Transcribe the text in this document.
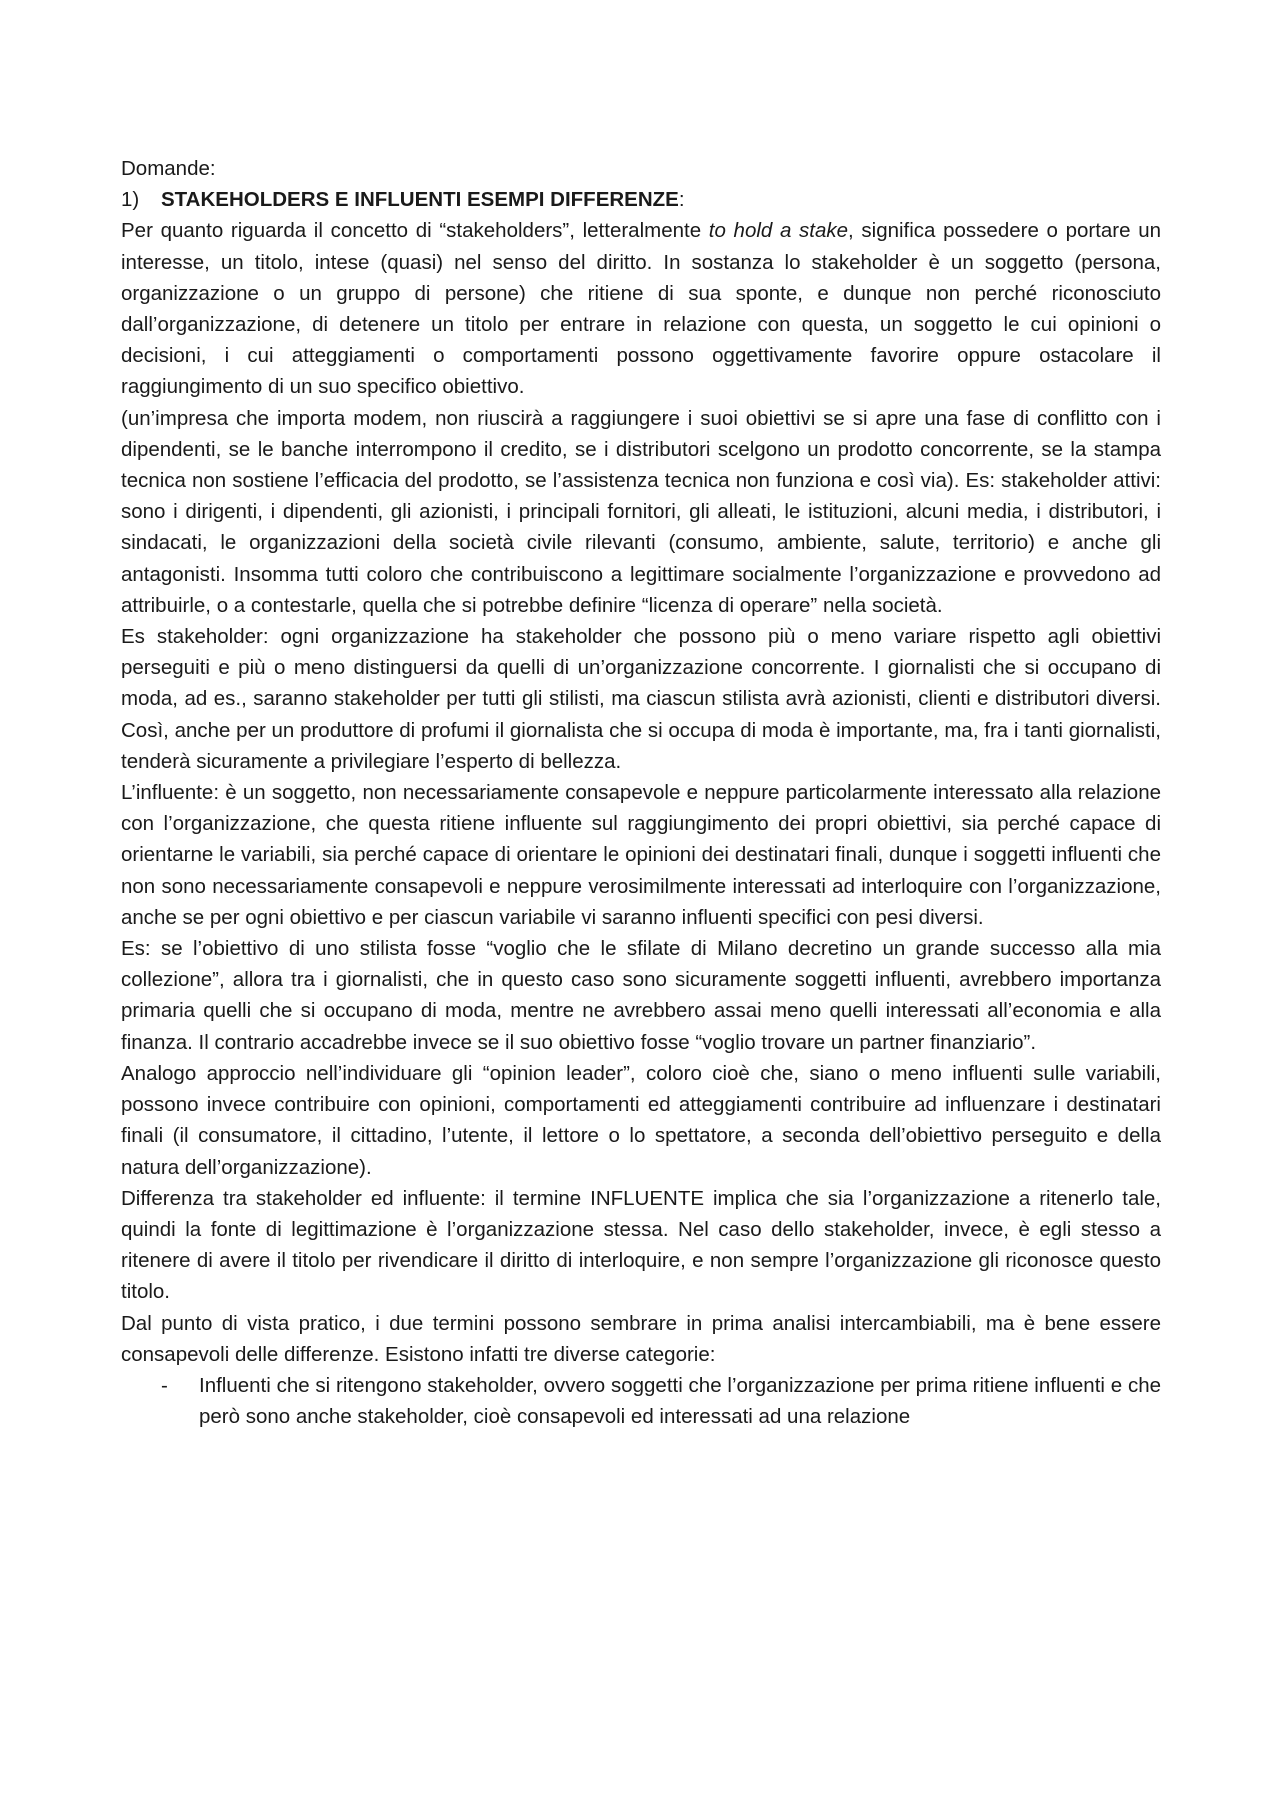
Domande:

1)	STAKEHOLDERS E INFLUENTI ESEMPI DIFFERENZE:

Per quanto riguarda il concetto di “stakeholders”, letteralmente to hold a stake, significa possedere o portare un interesse, un titolo, intese (quasi) nel senso del diritto. In sostanza lo stakeholder è un soggetto (persona, organizzazione o un gruppo di persone) che ritiene di sua sponte, e dunque non perché riconosciuto dall’organizzazione, di detenere un titolo per entrare in relazione con questa, un soggetto le cui opinioni o decisioni, i cui atteggiamenti o comportamenti possono oggettivamente favorire oppure ostacolare il raggiungimento di un suo specifico obiettivo.

(un’impresa che importa modem, non riuscirà a raggiungere i suoi obiettivi se si apre una fase di conflitto con i dipendenti, se le banche interrompono il credito, se i distributori scelgono un prodotto concorrente, se la stampa tecnica non sostiene l’efficacia del prodotto, se l’assistenza tecnica non funziona e così via). Es: stakeholder attivi: sono i dirigenti, i dipendenti, gli azionisti, i principali fornitori, gli alleati, le istituzioni, alcuni media, i distributori, i sindacati, le organizzazioni della società civile rilevanti (consumo, ambiente, salute, territorio) e anche gli antagonisti. Insomma tutti coloro che contribuiscono a legittimare socialmente l’organizzazione e provvedono ad attribuirle, o a contestarle, quella che si potrebbe definire “licenza di operare” nella società.

Es stakeholder: ogni organizzazione ha stakeholder che possono più o meno variare rispetto agli obiettivi perseguiti e più o meno distinguersi da quelli di un’organizzazione concorrente. I giornalisti che si occupano di moda, ad es., saranno stakeholder per tutti gli stilisti, ma ciascun stilista avrà azionisti, clienti e distributori diversi. Così, anche per un produttore di profumi il giornalista che si occupa di moda è importante, ma, fra i tanti giornalisti, tenderà sicuramente a privilegiare l’esperto di bellezza.

L’influente: è un soggetto, non necessariamente consapevole e neppure particolarmente interessato alla relazione con l’organizzazione, che questa ritiene influente sul raggiungimento dei propri obiettivi, sia perché capace di orientarne le variabili, sia perché capace di orientare le opinioni dei destinatari finali, dunque i soggetti influenti che non sono necessariamente consapevoli e neppure verosimilmente interessati ad interloquire con l’organizzazione, anche se per ogni obiettivo e per ciascun variabile vi saranno influenti specifici con pesi diversi.

Es: se l’obiettivo di uno stilista fosse “voglio che le sfilate di Milano decretino un grande successo alla mia collezione”, allora tra i giornalisti, che in questo caso sono sicuramente soggetti influenti, avrebbero importanza primaria quelli che si occupano di moda, mentre ne avrebbero assai meno quelli interessati all’economia e alla finanza. Il contrario accadrebbe invece se il suo obiettivo fosse “voglio trovare un partner finanziario”.

Analogo approccio nell’individuare gli “opinion leader”, coloro cioè che, siano o meno influenti sulle variabili, possono invece contribuire con opinioni, comportamenti ed atteggiamenti contribuire ad influenzare i destinatari finali (il consumatore, il cittadino, l’utente, il lettore o lo spettatore, a seconda dell’obiettivo perseguito e della natura dell’organizzazione).

Differenza tra stakeholder ed influente: il termine INFLUENTE implica che sia l’organizzazione a ritenerlo tale, quindi la fonte di legittimazione è l’organizzazione stessa. Nel caso dello stakeholder, invece, è egli stesso a ritenere di avere il titolo per rivendicare il diritto di interloquire, e non sempre l’organizzazione gli riconosce questo titolo.

Dal punto di vista pratico, i due termini possono sembrare in prima analisi intercambiabili, ma è bene essere consapevoli delle differenze. Esistono infatti tre diverse categorie:

-	Influenti che si ritengono stakeholder, ovvero soggetti che l’organizzazione per prima ritiene influenti e che però sono anche stakeholder, cioè consapevoli ed interessati ad una relazione
